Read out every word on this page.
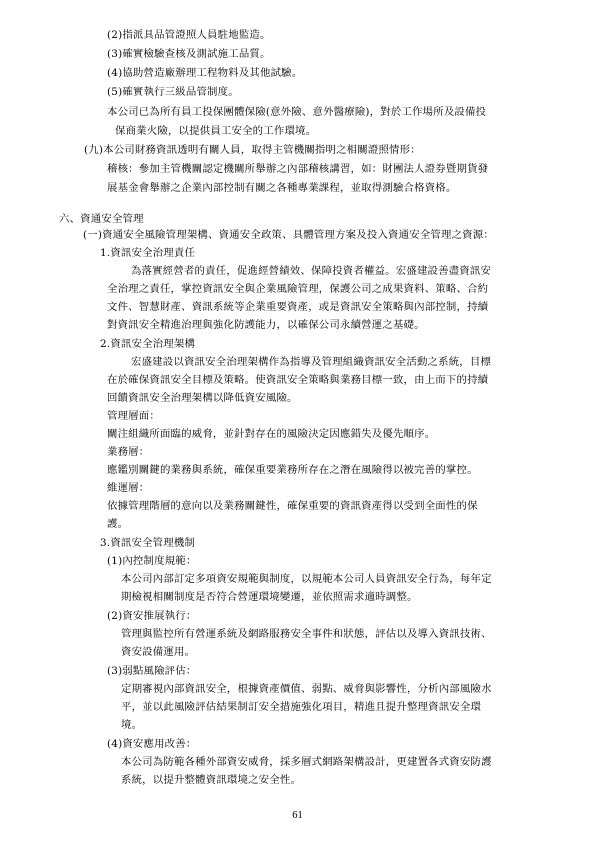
(2)指派具品管證照人員駐地監造。
(3)確實檢驗查核及測試施工品質。
(4)協助營造廠辦理工程物料及其他試驗。
(5)確實執行三級品管制度。
本公司已為所有員工投保團體保險(意外險、意外醫療險)，對於工作場所及設備投
保商業火險，以提供員工安全的工作環境。
(九)本公司財務資訊透明有關人員，取得主管機關指明之相關證照情形：
稽核：參加主管機關認定機關所舉辦之內部稽核講習，如：財團法人證券暨期貨發
展基金會舉辦之企業內部控制有關之各種專業課程，並取得測驗合格資格。
六、資通安全管理
(一)資通安全風險管理架構、資通安全政策、具體管理方案及投入資通安全管理之資源：
1.資訊安全治理責任
為落實經營者的責任，促進經營績效、保障投資者權益。宏盛建設善盡資訊安
全治理之責任，掌控資訊安全與企業風險管理，保護公司之成果資料、策略、合約
文件、智慧財產、資訊系統等企業重要資產，或是資訊安全策略與內部控制，持續
對資訊安全精進治理與強化防護能力，以確保公司永續營運之基礎。
2.資訊安全治理架構
宏盛建設以資訊安全治理架構作為指導及管理組織資訊安全活動之系統，目標
在於確保資訊安全目標及策略。使資訊安全策略與業務目標一致，由上而下的持續
回饋資訊安全治理架構以降低資安風險。
管理層面：
關注組織所面臨的威脅，並針對存在的風險決定因應錯失及優先順序。
業務層：
應鑑別關鍵的業務與系統，確保重要業務所存在之潛在風險得以被完善的掌控。
維運層：
依據管理階層的意向以及業務關鍵性，確保重要的資訊資產得以受到全面性的保
護。
3.資訊安全管理機制
(1)內控制度規範：
本公司內部訂定多項資安規範與制度，以規範本公司人員資訊安全行為，每年定
期檢視相關制度是否符合營運環境變遷，並依照需求適時調整。
(2)資安推展執行：
管理與監控所有營運系統及網路服務安全事件和狀態，評估以及導入資訊技術、
資安設備運用。
(3)弱點風險評估：
定期審視內部資訊安全，根據資產價值、弱點、威脅與影響性，分析內部風險水
平，並以此風險評估結果制訂安全措施強化項目，精進且提升整理資訊安全環
境。
(4)資安應用改善：
本公司為防範各種外部資安威脅，採多層式網路架構設計，更建置各式資安防護
系統，以提升整體資訊環境之安全性。
61
